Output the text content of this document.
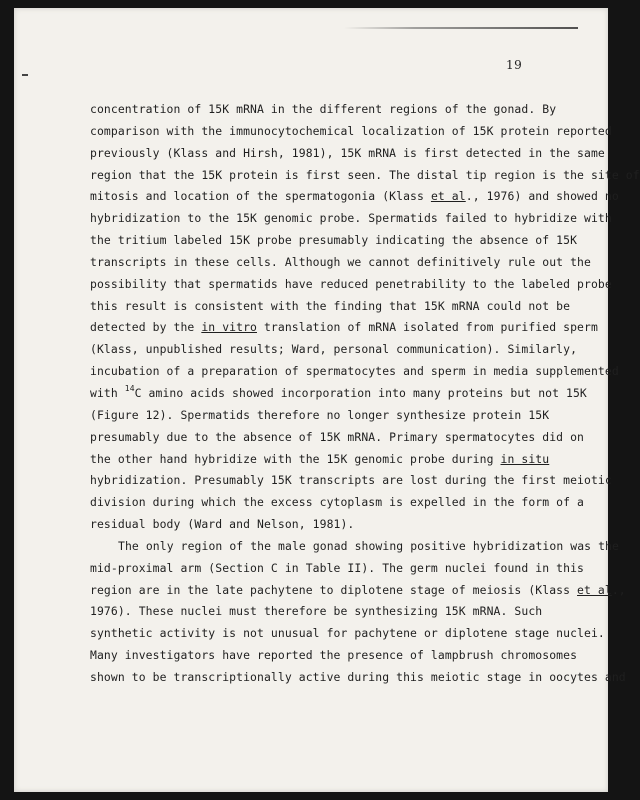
19
concentration of 15K mRNA in the different regions of the gonad. By
comparison with the immunocytochemical localization of 15K protein reported
previously (Klass and Hirsh, 1981), 15K mRNA is first detected in the same
region that the 15K protein is first seen. The distal tip region is the site of
mitosis and location of the spermatogonia (Klass et al., 1976) and showed no
hybridization to the 15K genomic probe. Spermatids failed to hybridize with
the tritium labeled 15K probe presumably indicating the absence of 15K
transcripts in these cells. Although we cannot definitively rule out the
possibility that spermatids have reduced penetrability to the labeled probe
this result is consistent with the finding that 15K mRNA could not be
detected by the in vitro translation of mRNA isolated from purified sperm
(Klass, unpublished results; Ward, personal communication). Similarly,
incubation of a preparation of spermatocytes and sperm in media supplemented
with $^{14}$C amino acids showed incorporation into many proteins but not 15K
(Figure 12). Spermatids therefore no longer synthesize protein 15K
presumably due to the absence of 15K mRNA. Primary spermatocytes did on
the other hand hybridize with the 15K genomic probe during in situ
hybridization. Presumably 15K transcripts are lost during the first meiotic
division during which the excess cytoplasm is expelled in the form of a
residual body (Ward and Nelson, 1981).
The only region of the male gonad showing positive hybridization was the
mid-proximal arm (Section C in Table II). The germ nuclei found in this
region are in the late pachytene to diplotene stage of meiosis (Klass et al.,
1976). These nuclei must therefore be synthesizing 15K mRNA. Such
synthetic activity is not unusual for pachytene or diplotene stage nuclei.
Many investigators have reported the presence of lampbrush chromosomes
shown to be transcriptionally active during this meiotic stage in oocytes and
